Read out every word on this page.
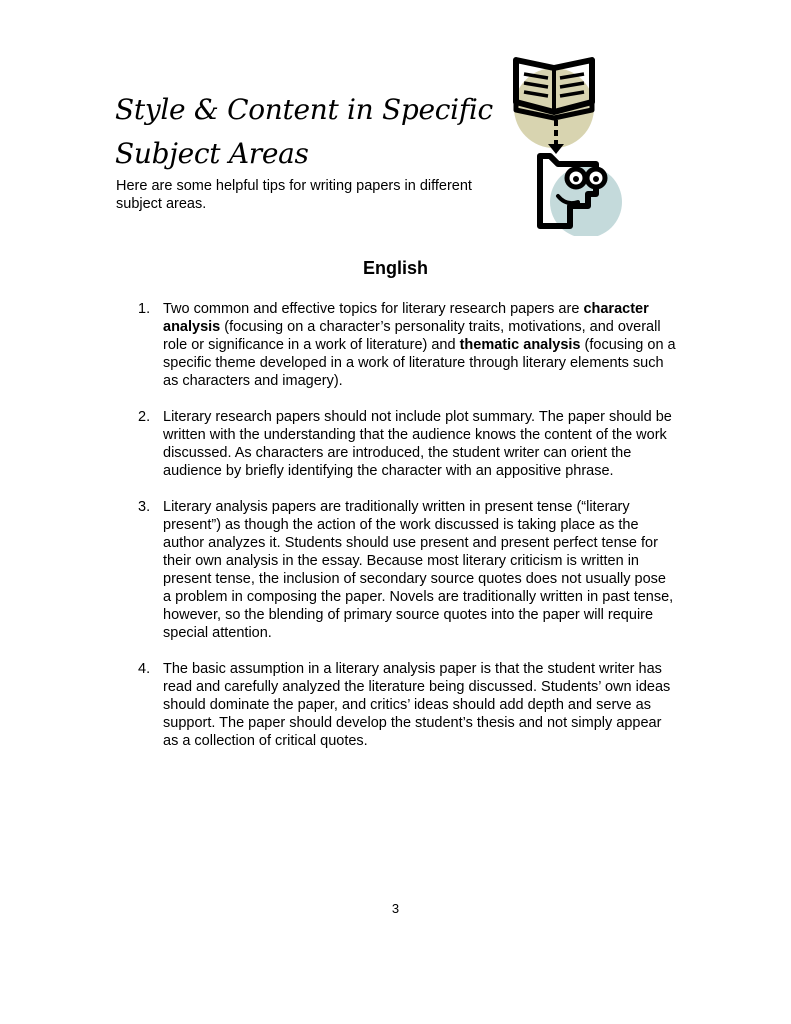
Style & Content in Specific
Subject Areas

Here are some helpful tips for writing papers in different subject areas.

English
1. Two common and effective topics for literary research papers are character analysis (focusing on a character’s personality traits, motivations, and overall role or significance in a work of literature) and thematic analysis (focusing on a specific theme developed in a work of literature through literary elements such as characters and imagery).
2. Literary research papers should not include plot summary. The paper should be written with the understanding that the audience knows the content of the work discussed. As characters are introduced, the student writer can orient the audience by briefly identifying the character with an appositive phrase.
3. Literary analysis papers are traditionally written in present tense (“literary present”) as though the action of the work discussed is taking place as the author analyzes it. Students should use present and present perfect tense for their own analysis in the essay. Because most literary criticism is written in present tense, the inclusion of secondary source quotes does not usually pose a problem in composing the paper. Novels are traditionally written in past tense, however, so the blending of primary source quotes into the paper will require special attention.
4. The basic assumption in a literary analysis paper is that the student writer has read and carefully analyzed the literature being discussed. Students’ own ideas should dominate the paper, and critics’ ideas should add depth and serve as support. The paper should develop the student’s thesis and not simply appear as a collection of critical quotes.
3
